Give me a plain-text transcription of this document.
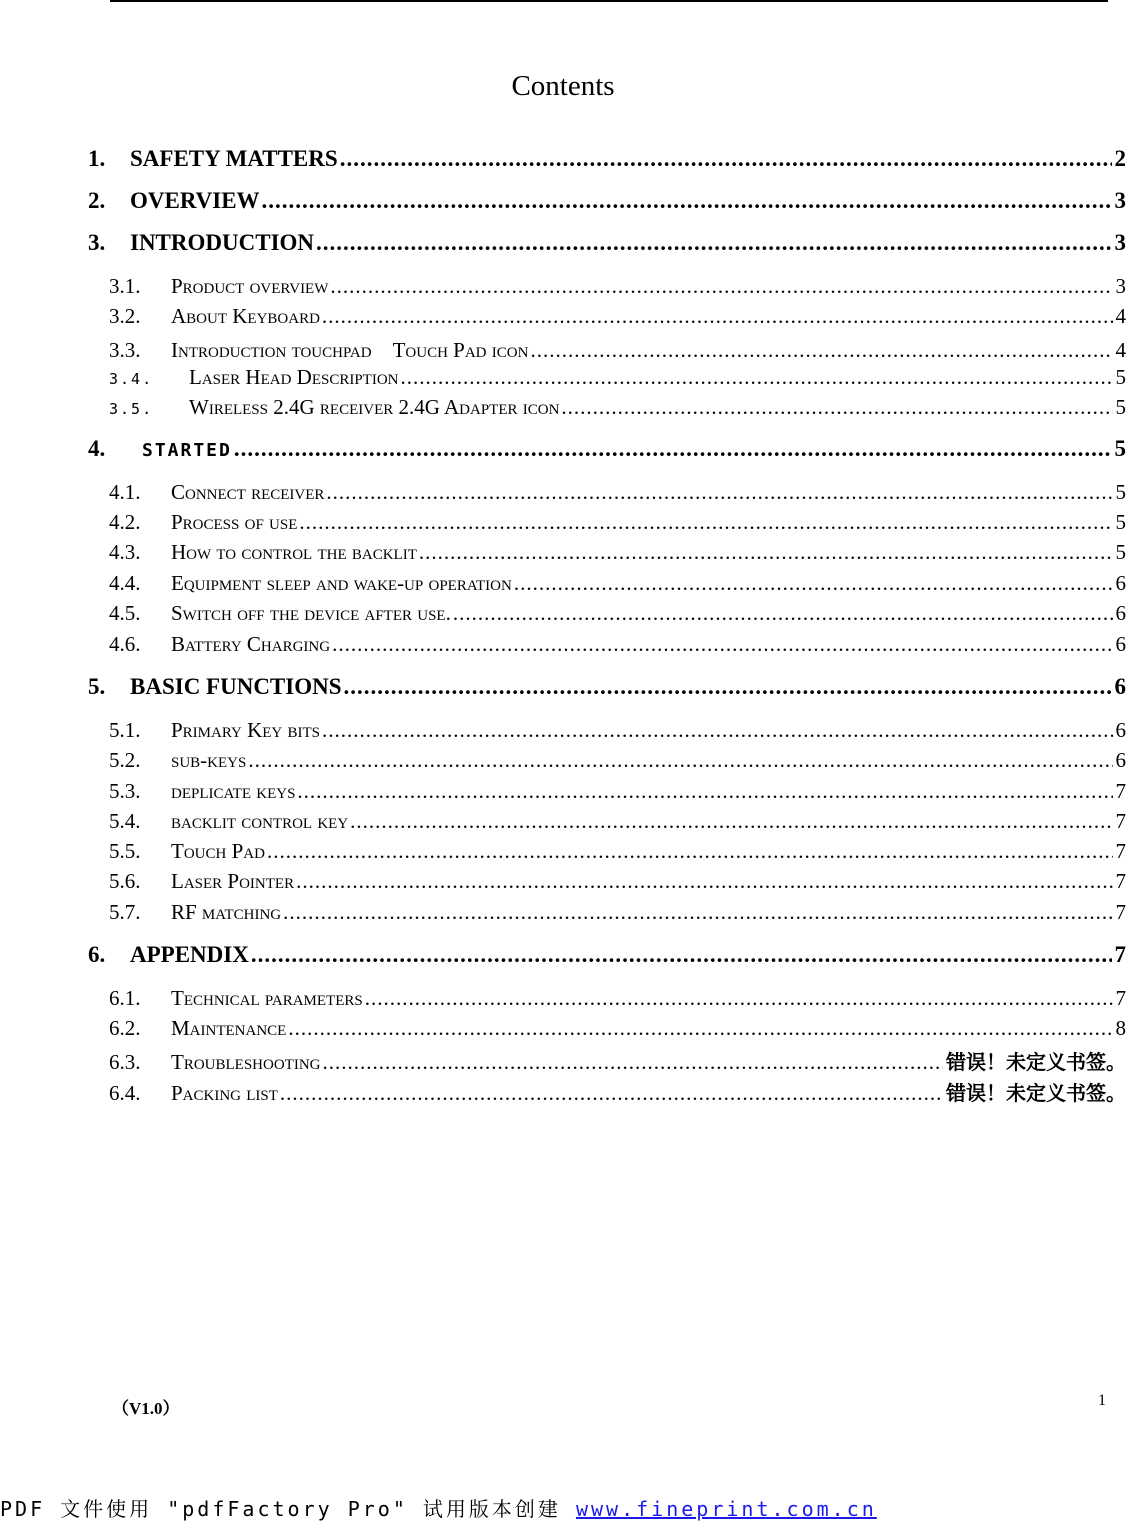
Contents
1.	SAFETY MATTERS .....	2
2.	OVERVIEW .....	3
3.	INTRODUCTION .....	3
3.1.	Product overview .....	3
3.2.	About Keyboard .....	4
3.3.	Introduction touchpad　Touch Pad icon .....	4
3.4.	Laser Head Description .....	5
3.5.	Wireless 2.4G receiver 2.4G Adapter icon .....	5
4.	STARTED .....	5
4.1.	Connect receiver .....	5
4.2.	Process of use .....	5
4.3.	How to control the backlit .....	5
4.4.	Equipment sleep and wake-up operation .....	6
4.5.	Switch off the device after use. .....	6
4.6.	Battery Charging .....	6
5.	BASIC FUNCTIONS .....	6
5.1.	Primary Key bits .....	6
5.2.	sub-keys .....	6
5.3.	deplicate keys .....	7
5.4.	backlit control key .....	7
5.5.	Touch Pad .....	7
5.6.	Laser Pointer .....	7
5.7.	RF matching .....	7
6.	APPENDIX .....	7
6.1.	Technical parameters .....	7
6.2.	Maintenance .....	8
6.3.	Troubleshooting .....	错误！未定义书签。
6.4.	Packing list .....	错误！未定义书签。
（V1.0）	1
PDF 文件使用 "pdfFactory Pro" 试用版本创建 www.fineprint.com.cn
